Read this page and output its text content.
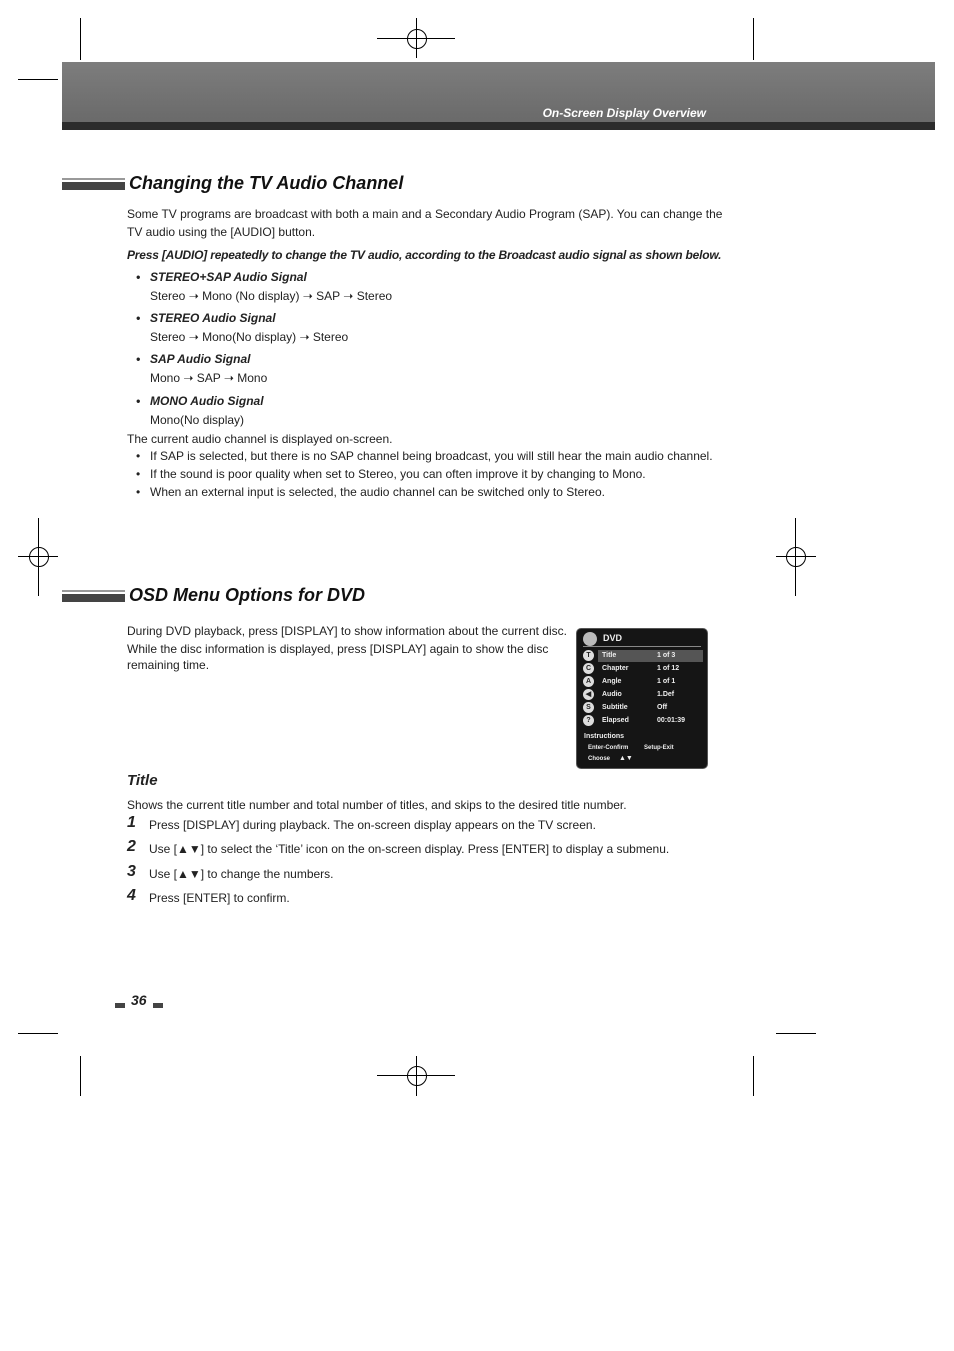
On-Screen Display Overview
Changing the TV Audio Channel
Some TV programs are broadcast with both a main and a Secondary Audio Program (SAP). You can change the
TV audio using the [AUDIO] button.
Press [AUDIO] repeatedly to change the TV audio, according to the Broadcast audio signal as shown below.
• STEREO+SAP Audio Signal
Stereo ➝ Mono (No display) ➝ SAP ➝ Stereo
• STEREO Audio Signal
Stereo ➝ Mono(No display) ➝ Stereo
• SAP Audio Signal
Mono ➝ SAP ➝ Mono
• MONO Audio Signal
Mono(No display)
The current audio channel is displayed on-screen.
• If SAP is selected, but there is no SAP channel being broadcast, you will still hear the main audio channel.
• If the sound is poor quality when set to Stereo, you can often improve it by changing to Mono.
• When an external input is selected, the audio channel can be switched only to Stereo.
OSD Menu Options for DVD
During DVD playback, press [DISPLAY] to show information about the current disc.
While the disc information is displayed, press [DISPLAY] again to show the disc
remaining time.
DVD
T	Title	1 of 3
C	Chapter	1 of 12
A	Angle	1 of 1
◀	Audio	1.Def
S	Subtitle	Off
?	Elapsed	00:01:39
Instructions
Enter-Confirm	Setup-Exit
Choose ▲▼
Title
Shows the current title number and total number of titles, and skips to the desired title number.
1 Press [DISPLAY] during playback. The on-screen display appears on the TV screen.
2 Use [▲▼] to select the ‘Title’ icon on the on-screen display. Press [ENTER] to display a submenu.
3 Use [▲▼] to change the numbers.
4 Press [ENTER] to confirm.
36
